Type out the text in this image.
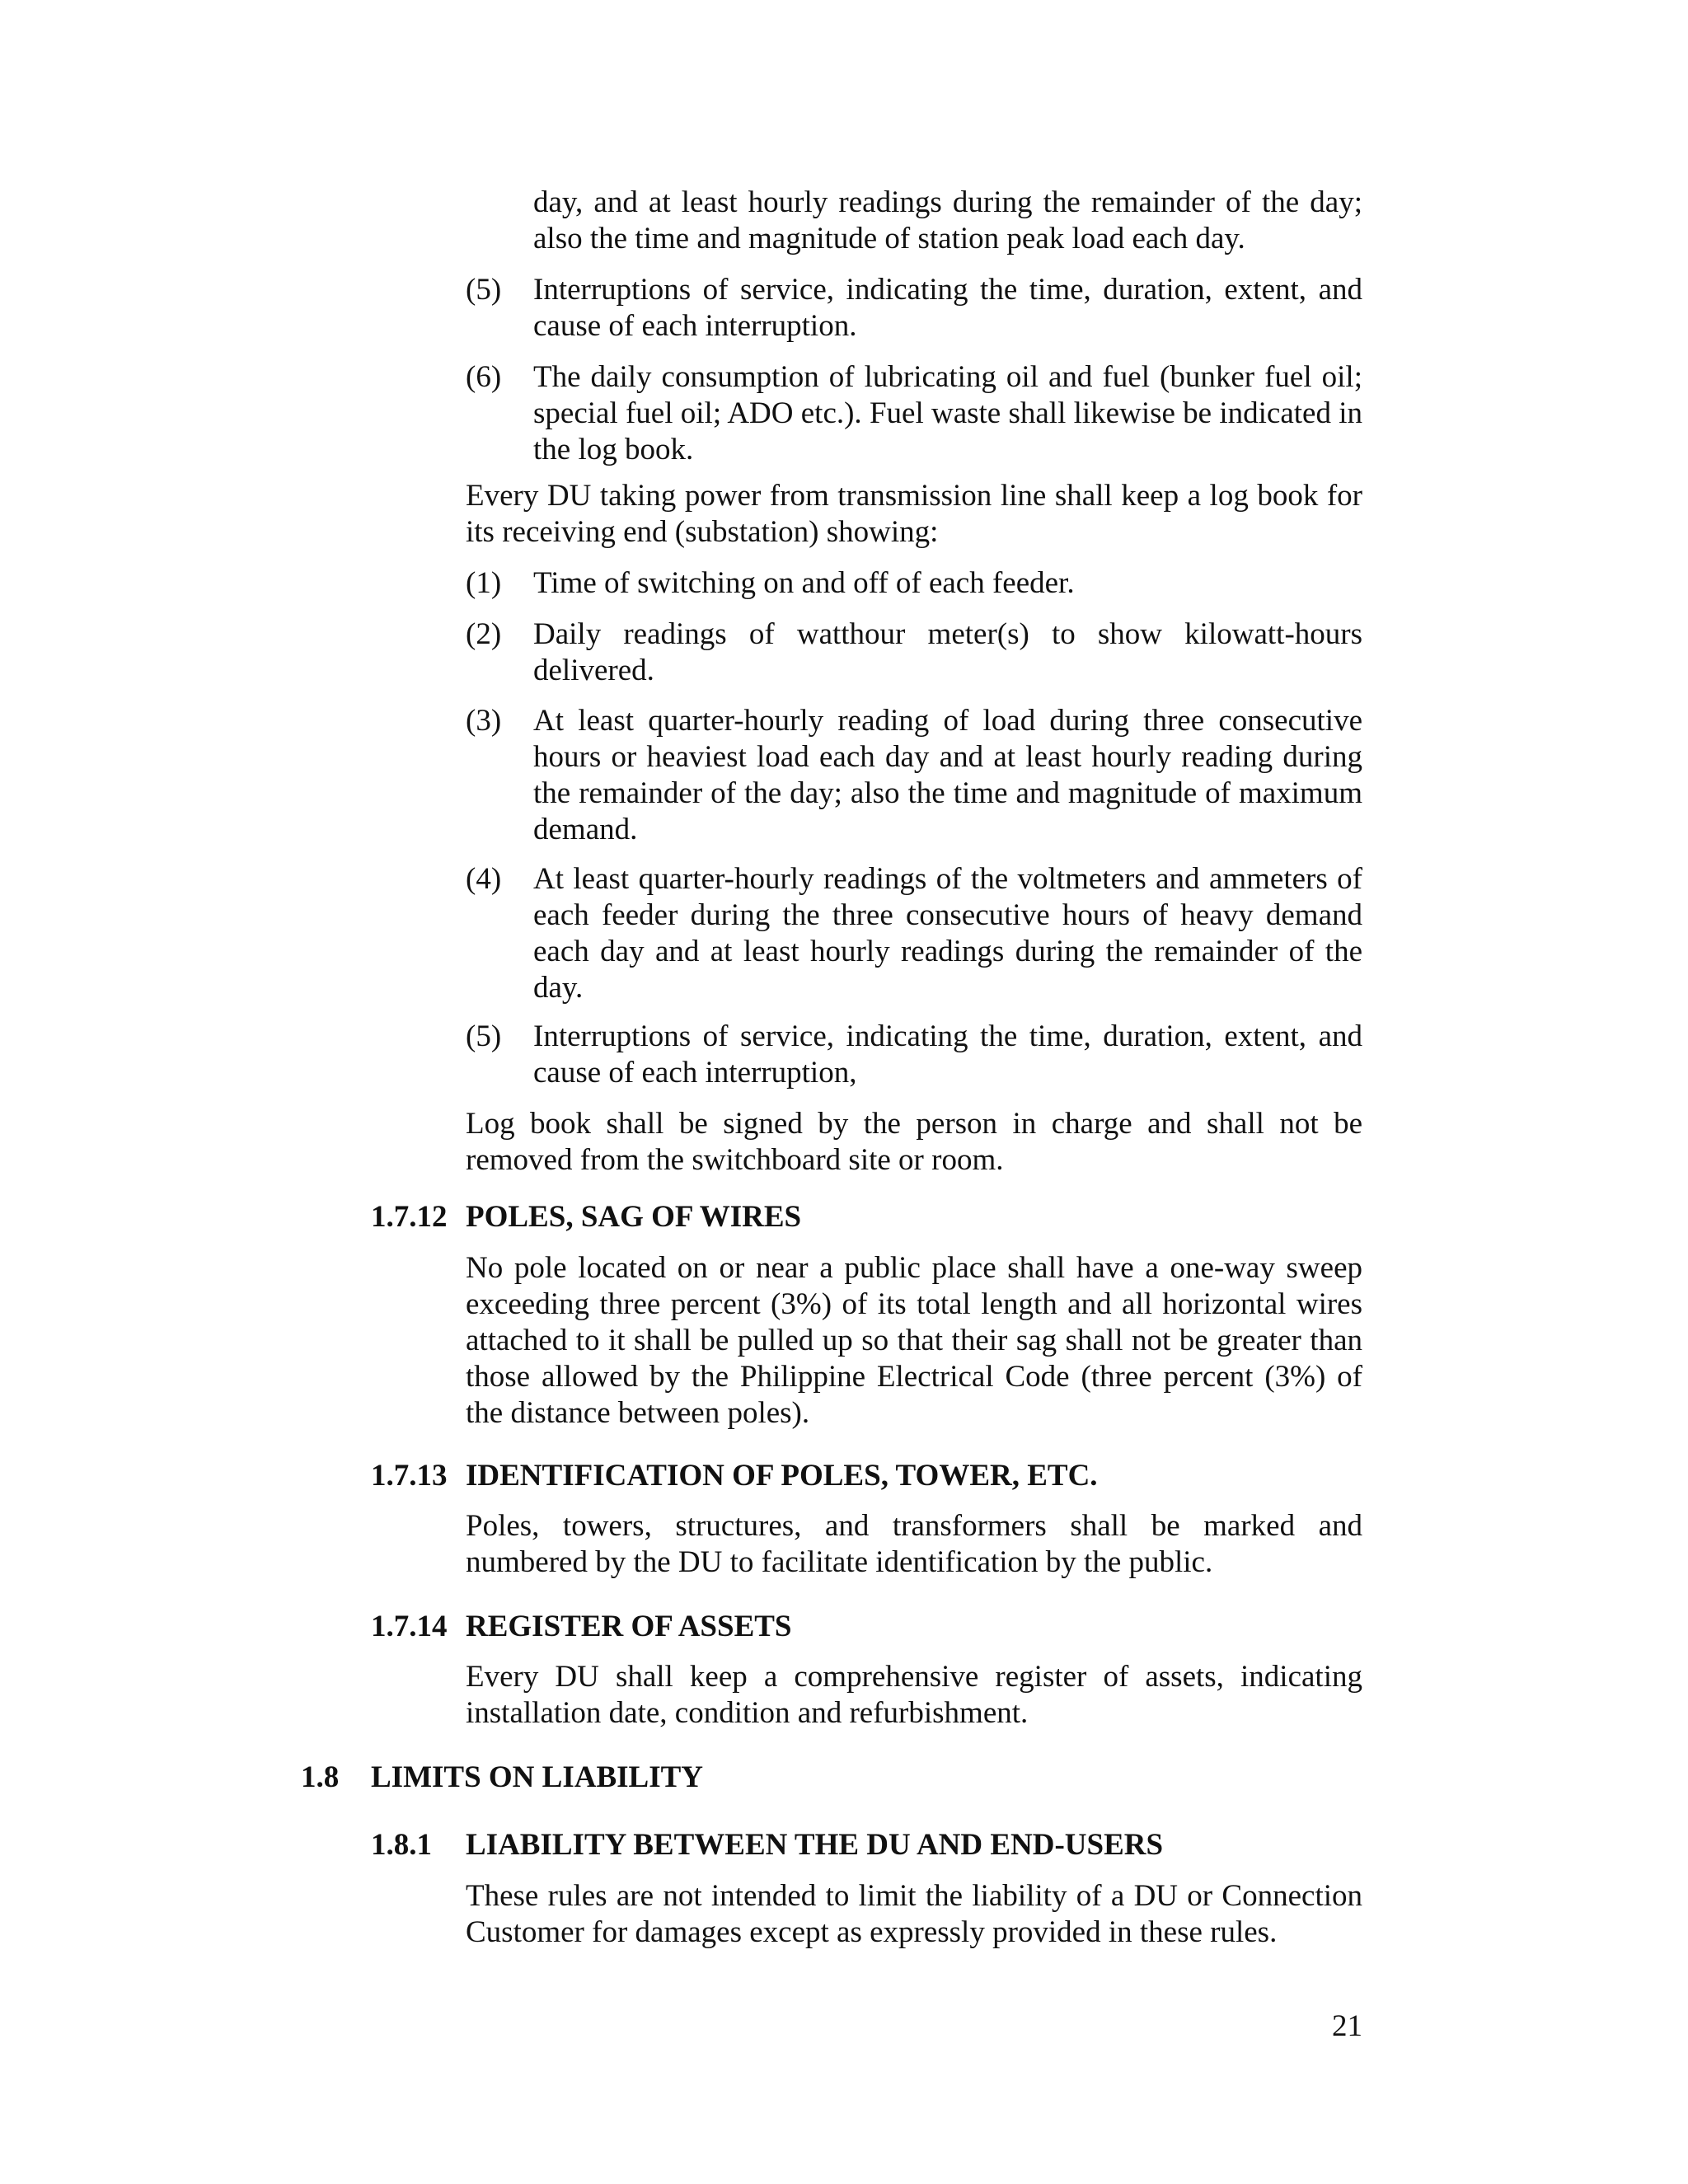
day, and at least hourly readings during the remainder of the day; also the time and magnitude of station peak load each day.
(5)	Interruptions of service, indicating the time, duration, extent, and cause of each interruption.
(6)	The daily consumption of lubricating oil and fuel (bunker fuel oil; special fuel oil; ADO etc.). Fuel waste shall likewise be indicated in the log book.
Every DU taking power from transmission line shall keep a log book for its receiving end (substation) showing:
(1)	Time of switching on and off of each feeder.
(2)	Daily readings of watthour meter(s) to show kilowatt-hours delivered.
(3)	At least quarter-hourly reading of load during three consecutive hours or heaviest load each day and at least hourly reading during the remainder of the day; also the time and magnitude of maximum demand.
(4)	At least quarter-hourly readings of the voltmeters and ammeters of each feeder during the three consecutive hours of heavy demand each day and at least hourly readings during the remainder of the day.
(5)	Interruptions of service, indicating the time, duration, extent, and cause of each interruption,
Log book shall be signed by the person in charge and shall not be removed from the switchboard site or room.
1.7.12 POLES, SAG OF WIRES
No pole located on or near a public place shall have a one-way sweep exceeding three percent (3%) of its total length and all horizontal wires attached to it shall be pulled up so that their sag shall not be greater than those allowed by the Philippine Electrical Code (three percent (3%) of the distance between poles).
1.7.13 IDENTIFICATION OF POLES, TOWER, ETC.
Poles, towers, structures, and transformers shall be marked and numbered by the DU to facilitate identification by the public.
1.7.14 REGISTER OF ASSETS
Every DU shall keep a comprehensive register of assets, indicating installation date, condition and refurbishment.
1.8 LIMITS ON LIABILITY
1.8.1 LIABILITY BETWEEN THE DU AND END-USERS
These rules are not intended to limit the liability of a DU or Connection Customer for damages except as expressly provided in these rules.
21
